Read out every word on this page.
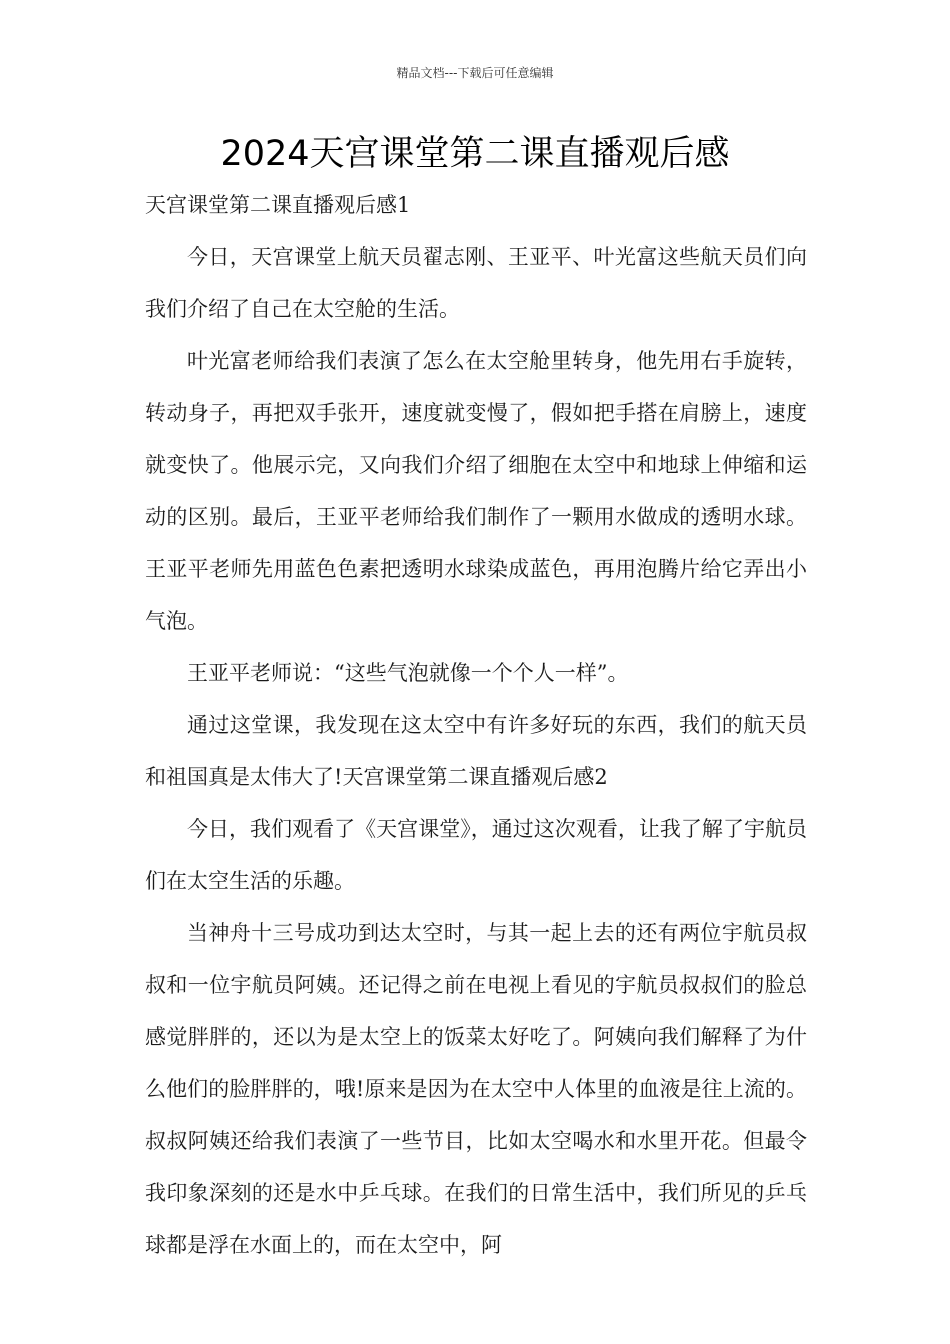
精品文档---下载后可任意编辑
2024天宫课堂第二课直播观后感

天宫课堂第二课直播观后感1

今日，天宫课堂上航天员翟志刚、王亚平、叶光富这些航天员们向我们介绍了自己在太空舱的生活。

叶光富老师给我们表演了怎么在太空舱里转身，他先用右手旋转，转动身子，再把双手张开，速度就变慢了，假如把手搭在肩膀上，速度就变快了。他展示完，又向我们介绍了细胞在太空中和地球上伸缩和运动的区别。最后，王亚平老师给我们制作了一颗用水做成的透明水球。王亚平老师先用蓝色色素把透明水球染成蓝色，再用泡腾片给它弄出小气泡。

王亚平老师说：“这些气泡就像一个个人一样”。

通过这堂课，我发现在这太空中有许多好玩的东西，我们的航天员和祖国真是太伟大了!天宫课堂第二课直播观后感2

今日，我们观看了《天宫课堂》，通过这次观看，让我了解了宇航员们在太空生活的乐趣。

当神舟十三号成功到达太空时，与其一起上去的还有两位宇航员叔叔和一位宇航员阿姨。还记得之前在电视上看见的宇航员叔叔们的脸总感觉胖胖的，还以为是太空上的饭菜太好吃了。阿姨向我们解释了为什么他们的脸胖胖的，哦!原来是因为在太空中人体里的血液是往上流的。叔叔阿姨还给我们表演了一些节目，比如太空喝水和水里开花。但最令我印象深刻的还是水中乒乓球。在我们的日常生活中，我们所见的乒乓球都是浮在水面上的，而在太空中，阿
